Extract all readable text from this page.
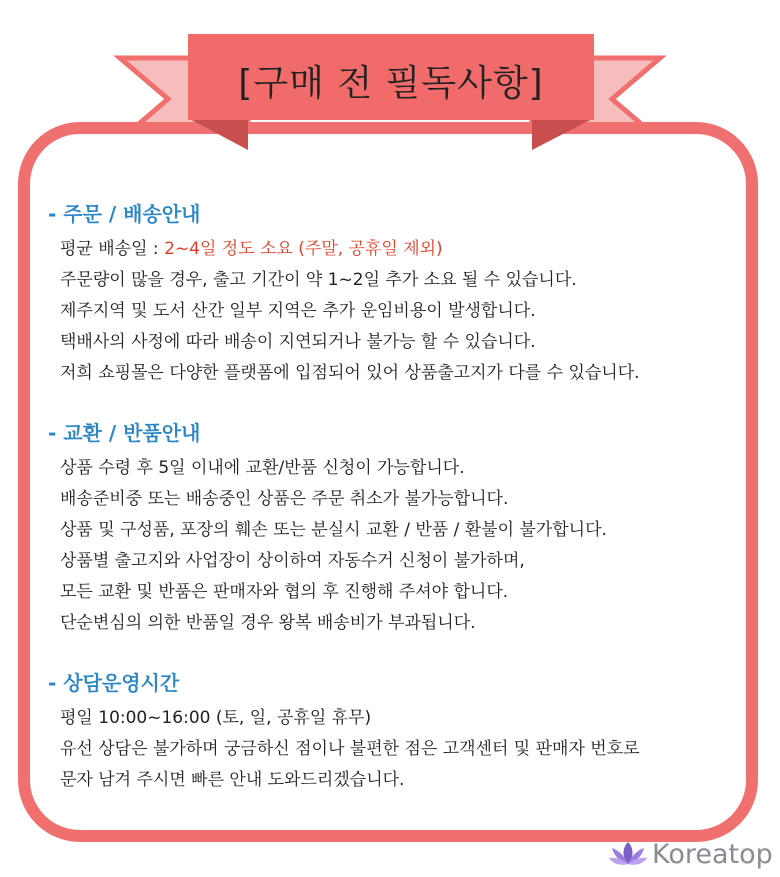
[구매 전 필독사항]
- 주문 / 배송안내
평균 배송일 : 2~4일 정도 소요 (주말, 공휴일 제외)
주문량이 많을 경우, 출고 기간이 약 1~2일 추가 소요 될 수 있습니다.
제주지역 및 도서 산간 일부 지역은 추가 운임비용이 발생합니다.
택배사의 사정에 따라 배송이 지연되거나 불가능 할 수 있습니다.
저희 쇼핑몰은 다양한 플랫폼에 입점되어 있어 상품출고지가 다를 수 있습니다.
- 교환 / 반품안내
상품 수령 후 5일 이내에 교환/반품 신청이 가능합니다.
배송준비중 또는 배송중인 상품은 주문 취소가 불가능합니다.
상품 및 구성품, 포장의 훼손 또는 분실시 교환 / 반품 / 환불이 불가합니다.
상품별 출고지와 사업장이 상이하여 자동수거 신청이 불가하며,
모든 교환 및 반품은 판매자와 협의 후 진행해 주셔야 합니다.
단순변심의 의한 반품일 경우 왕복 배송비가 부과됩니다.
- 상담운영시간
평일 10:00~16:00 (토, 일, 공휴일 휴무)
유선 상담은 불가하며 궁금하신 점이나 불편한 점은 고객센터 및 판매자 번호로
문자 남겨 주시면 빠른 안내 도와드리겠습니다.
Koreatop
